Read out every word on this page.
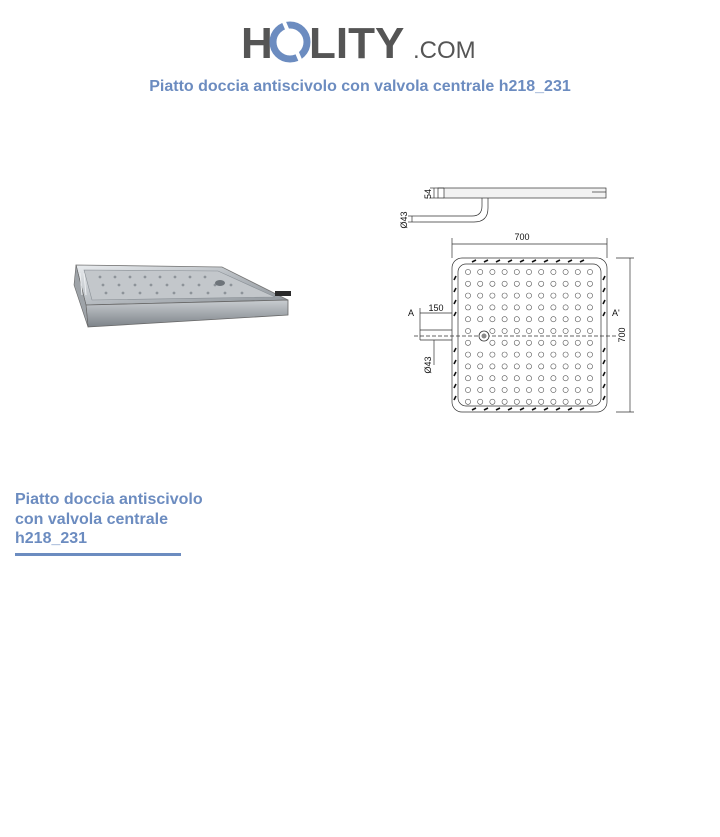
H LITY .COM
Piatto doccia antiscivolo con valvola centrale h218_231
700
700
54
Ø43
150
Ø43
A	A'
Piatto doccia antiscivolo con valvola centrale h218_231
